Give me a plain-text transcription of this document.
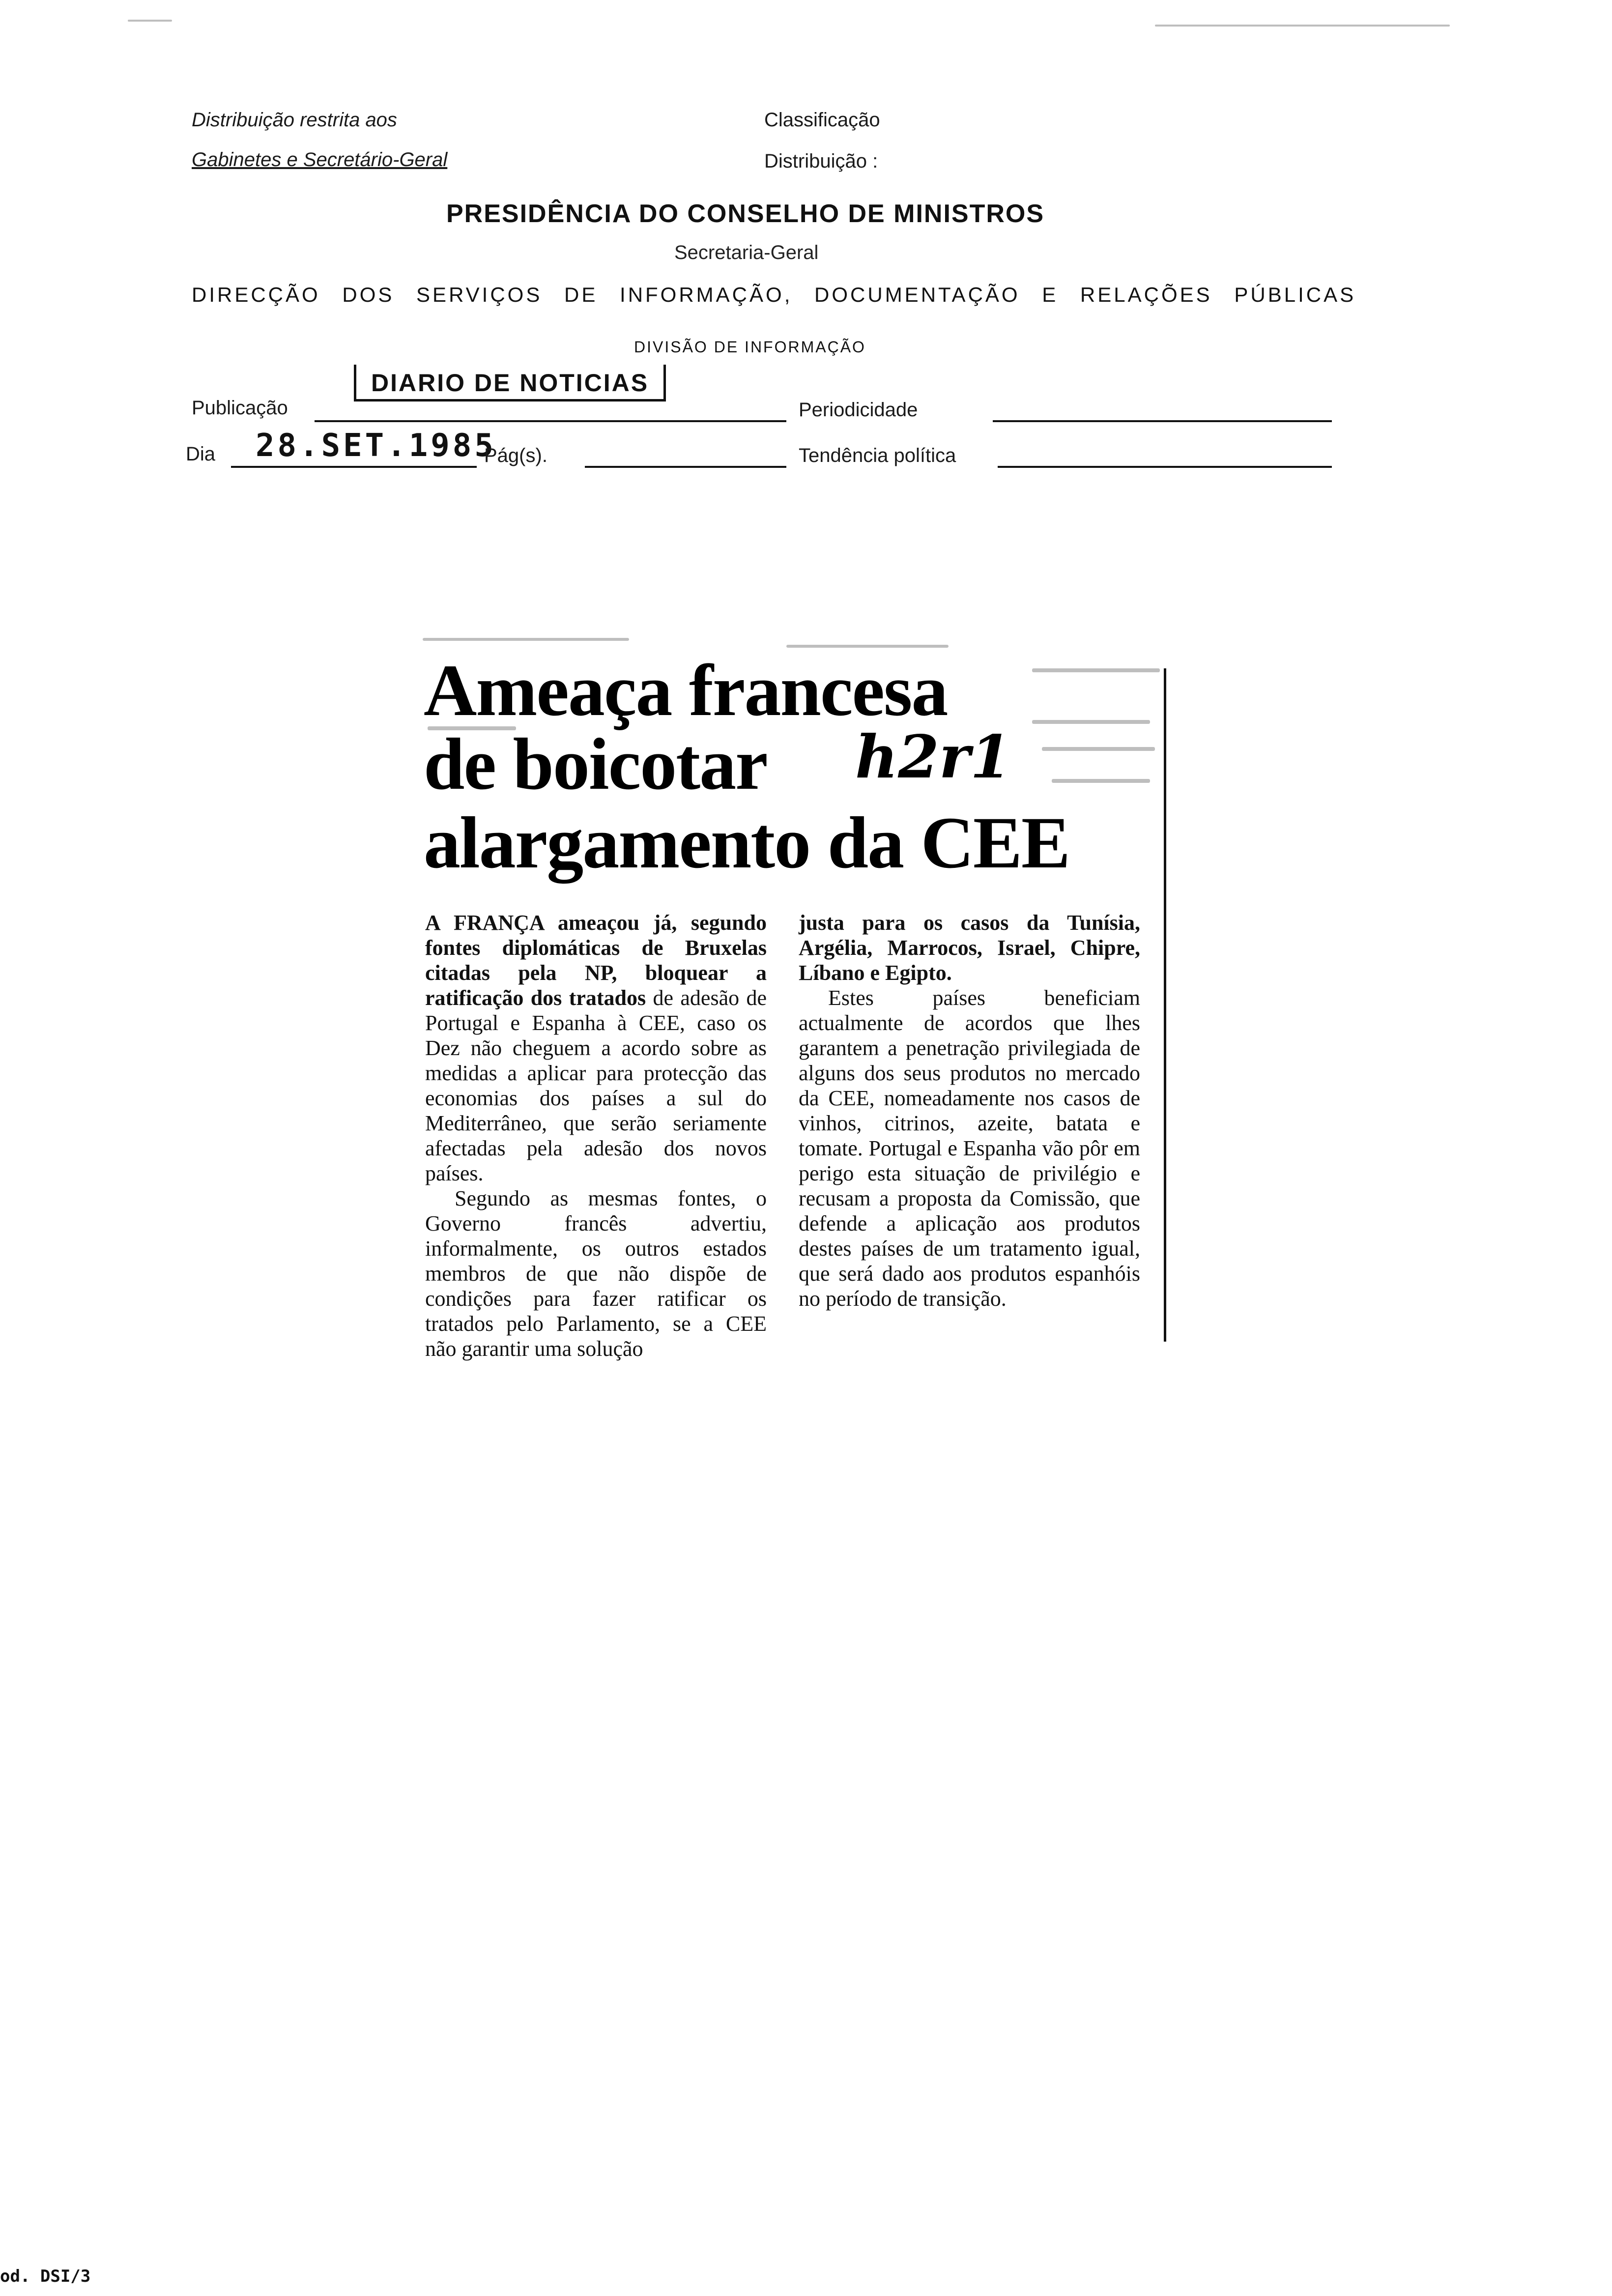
Distribuição restrita aos
Gabinetes e Secretário-Geral
Classificação
Distribuição :
PRESIDÊNCIA DO CONSELHO DE MINISTROS
Secretaria-Geral
DIRECÇÃO DOS SERVIÇOS DE INFORMAÇÃO, DOCUMENTAÇÃO E RELAÇÕES PÚBLICAS
DIVISÃO DE INFORMAÇÃO
Publicação
DIARIO DE NOTICIAS
Periodicidade
Dia 28.SET.1985
Pág(s).	Tendência política
Ameaça francesa
de boicotar h2r1
alargamento da CEE

A FRANÇA ameaçou já, segundo fontes diplomáticas de Bruxelas citadas pela NP, bloquear a ratificação dos tratados de adesão de Portugal e Espanha à CEE, caso os Dez não cheguem a acordo sobre as medidas a aplicar para protecção das economias dos países a sul do Mediterrâneo, que serão seriamente afectadas pela adesão dos novos países.

Segundo as mesmas fontes, o Governo francês advertiu, informalmente, os outros estados membros de que não dispõe de condições para fazer ratificar os tratados pelo Parlamento, se a CEE não garantir uma solução

justa para os casos da Tunísia, Argélia, Marrocos, Israel, Chipre, Líbano e Egipto.

Estes países beneficiam actualmente de acordos que lhes garantem a penetração privilegiada de alguns dos seus produtos no mercado da CEE, nomeadamente nos casos de vinhos, citrinos, azeite, batata e tomate. Portugal e Espanha vão pôr em perigo esta situação de privilégio e recusam a proposta da Comissão, que defende a aplicação aos produtos destes países de um tratamento igual, que será dado aos produtos espanhóis no período de transição.

od. DSI/3
